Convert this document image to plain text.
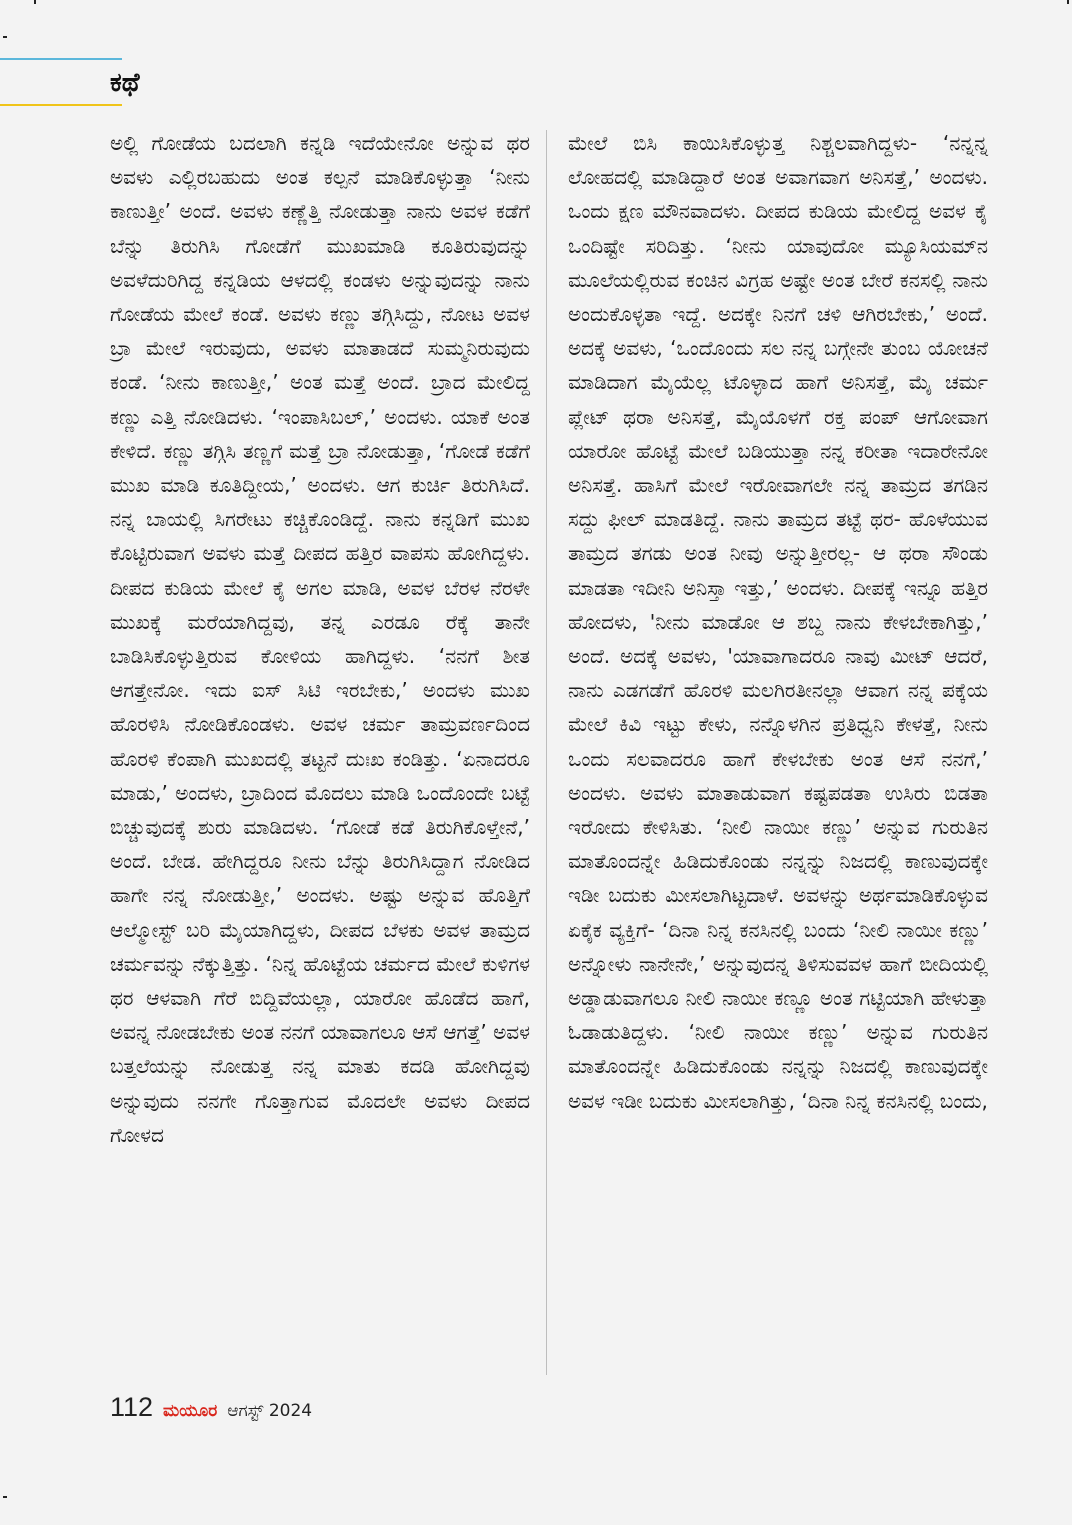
ಕಥೆ
ಅಲ್ಲಿ ಗೋಡೆಯ ಬದಲಾಗಿ ಕನ್ನಡಿ ಇದೆಯೇನೋ ಅನ್ನುವ ಥರ ಅವಳು ಎಲ್ಲಿರಬಹುದು ಅಂತ ಕಲ್ಪನೆ ಮಾಡಿಕೊಳ್ಳುತ್ತಾ ‘ನೀನು ಕಾಣುತ್ತೀ’ ಅಂದೆ. ಅವಳು ಕಣ್ಣೆತ್ತಿ ನೋಡುತ್ತಾ ನಾನು ಅವಳ ಕಡೆಗೆ ಬೆನ್ನು ತಿರುಗಿಸಿ ಗೋಡೆಗೆ ಮುಖಮಾಡಿ ಕೂತಿರುವುದನ್ನು ಅವಳೆದುರಿಗಿದ್ದ ಕನ್ನಡಿಯ ಆಳದಲ್ಲಿ ಕಂಡಳು ಅನ್ನುವುದನ್ನು ನಾನು ಗೋಡೆಯ ಮೇಲೆ ಕಂಡೆ. ಅವಳು ಕಣ್ಣು ತಗ್ಗಿಸಿದ್ದು, ನೋಟ ಅವಳ ಬ್ರಾ ಮೇಲೆ ಇರುವುದು, ಅವಳು ಮಾತಾಡದೆ ಸುಮ್ಮನಿರುವುದು ಕಂಡೆ. ‘ನೀನು ಕಾಣುತ್ತೀ,’ ಅಂತ ಮತ್ತೆ ಅಂದೆ. ಬ್ರಾದ ಮೇಲಿದ್ದ ಕಣ್ಣು ಎತ್ತಿ ನೋಡಿದಳು. ‘ಇಂಪಾಸಿಬಲ್,’ ಅಂದಳು. ಯಾಕೆ ಅಂತ ಕೇಳಿದೆ. ಕಣ್ಣು ತಗ್ಗಿಸಿ ತಣ್ಣಗೆ ಮತ್ತೆ ಬ್ರಾ ನೋಡುತ್ತಾ, ‘ಗೋಡೆ ಕಡೆಗೆ ಮುಖ ಮಾಡಿ ಕೂತಿದ್ದೀಯ,’ ಅಂದಳು. ಆಗ ಕುರ್ಚಿ ತಿರುಗಿಸಿದೆ. ನನ್ನ ಬಾಯಲ್ಲಿ ಸಿಗರೇಟು ಕಚ್ಚಿಕೊಂಡಿದ್ದೆ. ನಾನು ಕನ್ನಡಿಗೆ ಮುಖ ಕೊಟ್ಟಿರುವಾಗ ಅವಳು ಮತ್ತೆ ದೀಪದ ಹತ್ತಿರ ವಾಪಸು ಹೋಗಿದ್ದಳು. ದೀಪದ ಕುಡಿಯ ಮೇಲೆ ಕೈ ಅಗಲ ಮಾಡಿ, ಅವಳ ಬೆರಳ ನೆರಳೇ ಮುಖಕ್ಕೆ ಮರೆಯಾಗಿದ್ದವು, ತನ್ನ ಎರಡೂ ರೆಕ್ಕೆ ತಾನೇ ಬಾಡಿಸಿಕೊಳ್ಳುತ್ತಿರುವ ಕೋಳಿಯ ಹಾಗಿದ್ದಳು. ‘ನನಗೆ ಶೀತ ಆಗತ್ತೇನೋ. ಇದು ಐಸ್ ಸಿಟಿ ಇರಬೇಕು,’ ಅಂದಳು ಮುಖ ಹೊರಳಿಸಿ ನೋಡಿಕೊಂಡಳು. ಅವಳ ಚರ್ಮ ತಾಮ್ರವರ್ಣದಿಂದ ಹೊರಳಿ ಕೆಂಪಾಗಿ ಮುಖದಲ್ಲಿ ತಟ್ಟನೆ ದುಃಖ ಕಂಡಿತ್ತು. ‘ಏನಾದರೂ ಮಾಡು,’ ಅಂದಳು, ಬ್ರಾದಿಂದ ಮೊದಲು ಮಾಡಿ ಒಂದೊಂದೇ ಬಟ್ಟೆ ಬಿಚ್ಚುವುದಕ್ಕೆ ಶುರು ಮಾಡಿದಳು. ‘ಗೋಡೆ ಕಡೆ ತಿರುಗಿಕೊಳ್ತೇನೆ,’ ಅಂದೆ. ಬೇಡ. ಹೇಗಿದ್ದರೂ ನೀನು ಬೆನ್ನು ತಿರುಗಿಸಿದ್ದಾಗ ನೋಡಿದ ಹಾಗೇ ನನ್ನ ನೋಡುತ್ತೀ,’ ಅಂದಳು. ಅಷ್ಟು ಅನ್ನುವ ಹೊತ್ತಿಗೆ ಆಲ್ಮೋಸ್ಟ್ ಬರಿ ಮೈಯಾಗಿದ್ದಳು, ದೀಪದ ಬೆಳಕು ಅವಳ ತಾಮ್ರದ ಚರ್ಮವನ್ನು ನೆಕ್ಕುತ್ತಿತ್ತು. ‘ನಿನ್ನ ಹೊಟ್ಟೆಯ ಚರ್ಮದ ಮೇಲೆ ಕುಳಿಗಳ ಥರ ಆಳವಾಗಿ ಗೆರೆ ಬಿದ್ದಿವೆಯಲ್ಲಾ, ಯಾರೋ ಹೊಡೆದ ಹಾಗೆ, ಅವನ್ನ ನೋಡಬೇಕು ಅಂತ ನನಗೆ ಯಾವಾಗಲೂ ಆಸೆ ಆಗತ್ತೆ’ ಅವಳ ಬತ್ತಲೆಯನ್ನು ನೋಡುತ್ತ ನನ್ನ ಮಾತು ಕದಡಿ ಹೋಗಿದ್ದವು ಅನ್ನುವುದು ನನಗೇ ಗೊತ್ತಾಗುವ ಮೊದಲೇ ಅವಳು ದೀಪದ ಗೋಳದ
ಮೇಲೆ ಬಿಸಿ ಕಾಯಿಸಿಕೊಳ್ಳುತ್ತ ನಿಶ್ಚಲವಾಗಿದ್ದಳು- ‘ನನ್ನನ್ನ ಲೋಹದಲ್ಲಿ ಮಾಡಿದ್ದಾರೆ ಅಂತ ಅವಾಗವಾಗ ಅನಿಸತ್ತೆ,’ ಅಂದಳು. ಒಂದು ಕ್ಷಣ ಮೌನವಾದಳು. ದೀಪದ ಕುಡಿಯ ಮೇಲಿದ್ದ ಅವಳ ಕೈ ಒಂದಿಷ್ಟೇ ಸರಿದಿತ್ತು. ‘ನೀನು ಯಾವುದೋ ಮ್ಯೂಸಿಯಮ್‌ನ ಮೂಲೆಯಲ್ಲಿರುವ ಕಂಚಿನ ವಿಗ್ರಹ ಅಷ್ಟೇ ಅಂತ ಬೇರೆ ಕನಸಲ್ಲಿ ನಾನು ಅಂದುಕೊಳ್ಳತಾ ಇದ್ದೆ. ಅದಕ್ಕೇ ನಿನಗೆ ಚಳಿ ಆಗಿರಬೇಕು,’ ಅಂದೆ. ಅದಕ್ಕೆ ಅವಳು, ‘ಒಂದೊಂದು ಸಲ ನನ್ನ ಬಗ್ಗೇನೇ ತುಂಬ ಯೋಚನೆ ಮಾಡಿದಾಗ ಮೈಯೆಲ್ಲ ಟೊಳ್ಳಾದ ಹಾಗೆ ಅನಿಸತ್ತೆ, ಮೈ ಚರ್ಮ ಪ್ಲೇಟ್ ಥರಾ ಅನಿಸತ್ತೆ, ಮೈಯೊಳಗೆ ರಕ್ತ ಪಂಪ್ ಆಗೋವಾಗ ಯಾರೋ ಹೊಟ್ಟೆ ಮೇಲೆ ಬಡಿಯುತ್ತಾ ನನ್ನ ಕರೀತಾ ಇದಾರೇನೋ ಅನಿಸತ್ತೆ. ಹಾಸಿಗೆ ಮೇಲೆ ಇರೋವಾಗಲೇ ನನ್ನ ತಾಮ್ರದ ತಗಡಿನ ಸದ್ದು ಫೀಲ್ ಮಾಡತಿದ್ದೆ. ನಾನು ತಾಮ್ರದ ತಟ್ಟೆ ಥರ- ಹೊಳೆಯುವ ತಾಮ್ರದ ತಗಡು ಅಂತ ನೀವು ಅನ್ನುತ್ತೀರಲ್ಲ- ಆ ಥರಾ ಸೌಂಡು ಮಾಡತಾ ಇದೀನಿ ಅನಿಸ್ತಾ ಇತ್ತು,’ ಅಂದಳು. ದೀಪಕ್ಕೆ ಇನ್ನೂ ಹತ್ತಿರ ಹೋದಳು, 'ನೀನು ಮಾಡೋ ಆ ಶಬ್ದ ನಾನು ಕೇಳಬೇಕಾಗಿತ್ತು,’ ಅಂದೆ. ಅದಕ್ಕೆ ಅವಳು, 'ಯಾವಾಗಾದರೂ ನಾವು ಮೀಟ್ ಆದರೆ, ನಾನು ಎಡಗಡೆಗೆ ಹೊರಳಿ ಮಲಗಿರತೀನಲ್ಲಾ ಆವಾಗ ನನ್ನ ಪಕ್ಕೆಯ ಮೇಲೆ ಕಿವಿ ಇಟ್ಟು ಕೇಳು, ನನ್ನೊಳಗಿನ ಪ್ರತಿಧ್ವನಿ ಕೇಳತ್ತೆ, ನೀನು ಒಂದು ಸಲವಾದರೂ ಹಾಗೆ ಕೇಳಬೇಕು ಅಂತ ಆಸೆ ನನಗೆ,’ ಅಂದಳು. ಅವಳು ಮಾತಾಡುವಾಗ ಕಷ್ಟಪಡತಾ ಉಸಿರು ಬಿಡತಾ ಇರೋದು ಕೇಳಿಸಿತು. ‘ನೀಲಿ ನಾಯೀ ಕಣ್ಣು’ ಅನ್ನುವ ಗುರುತಿನ ಮಾತೊಂದನ್ನೇ ಹಿಡಿದುಕೊಂಡು ನನ್ನನ್ನು ನಿಜದಲ್ಲಿ ಕಾಣುವುದಕ್ಕೇ ಇಡೀ ಬದುಕು ಮೀಸಲಾಗಿಟ್ಟದಾಳೆ. ಅವಳನ್ನು ಅರ್ಥಮಾಡಿಕೊಳ್ಳುವ ಏಕೈಕ ವ್ಯಕ್ತಿಗೆ- ‘ದಿನಾ ನಿನ್ನ ಕನಸಿನಲ್ಲಿ ಬಂದು ‘ನೀಲಿ ನಾಯೀ ಕಣ್ಣು’ ಅನ್ನೋಳು ನಾನೇನೇ,’ ಅನ್ನುವುದನ್ನ ತಿಳಿಸುವವಳ ಹಾಗೆ ಬೀದಿಯಲ್ಲಿ ಅಡ್ಡಾಡುವಾಗಲೂ ನೀಲಿ ನಾಯೀ ಕಣ್ಣೂ ಅಂತ ಗಟ್ಟಿಯಾಗಿ ಹೇಳುತ್ತಾ ಓಡಾಡುತಿದ್ದಳು. ‘ನೀಲಿ ನಾಯೀ ಕಣ್ಣು’ ಅನ್ನುವ ಗುರುತಿನ ಮಾತೊಂದನ್ನೇ ಹಿಡಿದುಕೊಂಡು ನನ್ನನ್ನು ನಿಜದಲ್ಲಿ ಕಾಣುವುದಕ್ಕೇ ಅವಳ ಇಡೀ ಬದುಕು ಮೀಸಲಾಗಿತ್ತು, ‘ದಿನಾ ನಿನ್ನ ಕನಸಿನಲ್ಲಿ ಬಂದು,
112 ಮಯೂರ ಆಗಸ್ಟ್ 2024
